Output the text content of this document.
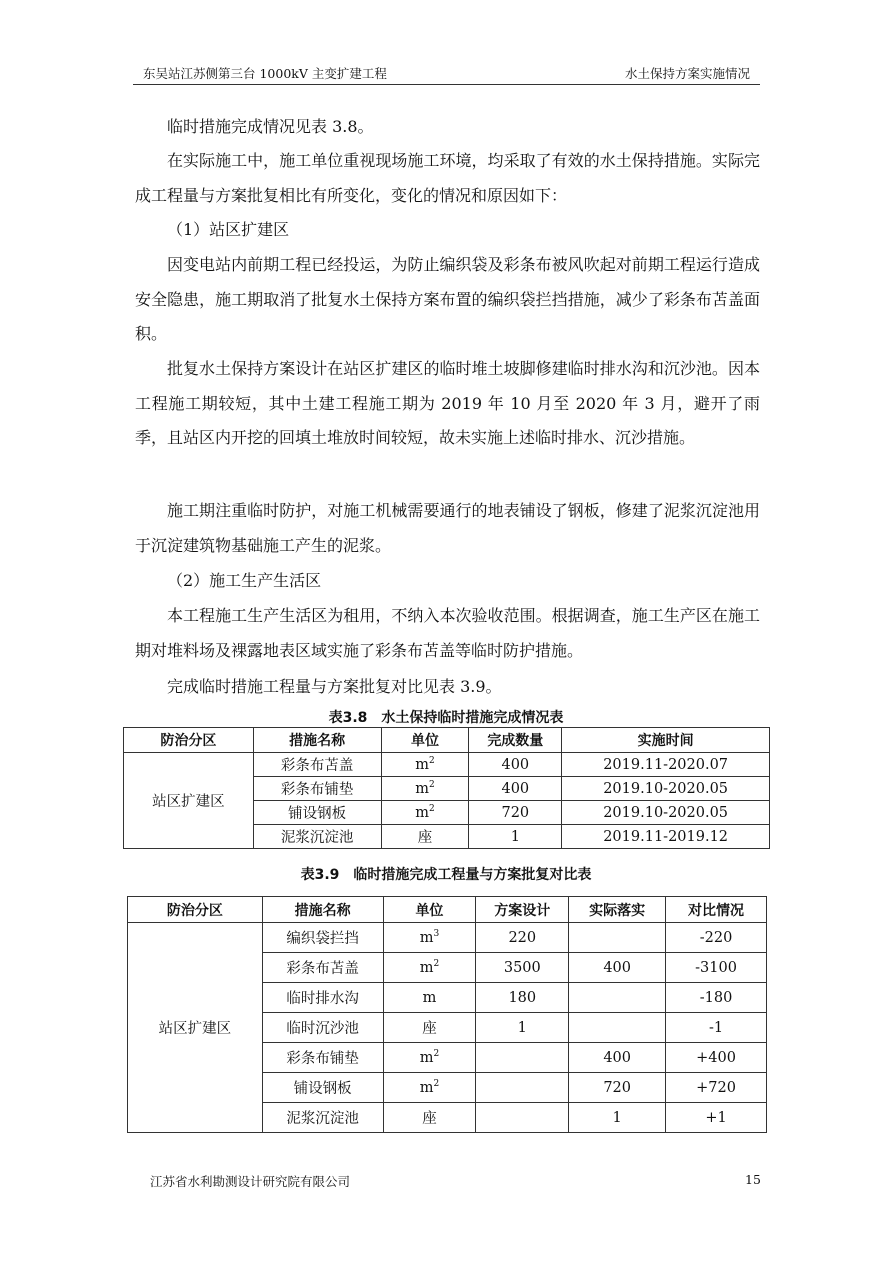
东吴站江苏侧第三台 1000kV 主变扩建工程	水土保持方案实施情况

临时措施完成情况见表 3.8。

在实际施工中，施工单位重视现场施工环境，均采取了有效的水土保持措施。实际完成工程量与方案批复相比有所变化，变化的情况和原因如下：

（1）站区扩建区

因变电站内前期工程已经投运，为防止编织袋及彩条布被风吹起对前期工程运行造成安全隐患，施工期取消了批复水土保持方案布置的编织袋拦挡措施，减少了彩条布苫盖面积。

批复水土保持方案设计在站区扩建区的临时堆土坡脚修建临时排水沟和沉沙池。因本工程施工期较短，其中土建工程施工期为 2019 年 10 月至 2020 年 3 月，避开了雨季，且站区内开挖的回填土堆放时间较短，故未实施上述临时排水、沉沙措施。

施工期注重临时防护，对施工机械需要通行的地表铺设了钢板，修建了泥浆沉淀池用于沉淀建筑物基础施工产生的泥浆。

（2）施工生产生活区

本工程施工生产生活区为租用，不纳入本次验收范围。根据调查，施工生产区在施工期对堆料场及裸露地表区域实施了彩条布苫盖等临时防护措施。

完成临时措施工程量与方案批复对比见表 3.9。

表3.8　水土保持临时措施完成情况表
防治分区	措施名称	单位	完成数量	实施时间
站区扩建区	彩条布苫盖	$m^2$	400	2019.11-2020.07
	彩条布铺垫	$m^2$	400	2019.10-2020.05
	铺设钢板	$m^2$	720	2019.10-2020.05
	泥浆沉淀池	座	1	2019.11-2019.12
表3.9　临时措施完成工程量与方案批复对比表
防治分区	措施名称	单位	方案设计	实际落实	对比情况
站区扩建区	编织袋拦挡	$m^3$	220		-220
	彩条布苫盖	$m^2$	3500	400	-3100
	临时排水沟	m	180		-180
	临时沉沙池	座	1		-1
	彩条布铺垫	$m^2$		400	+400
	铺设钢板	$m^2$		720	+720
	泥浆沉淀池	座		1	+1
江苏省水利勘测设计研究院有限公司	15
